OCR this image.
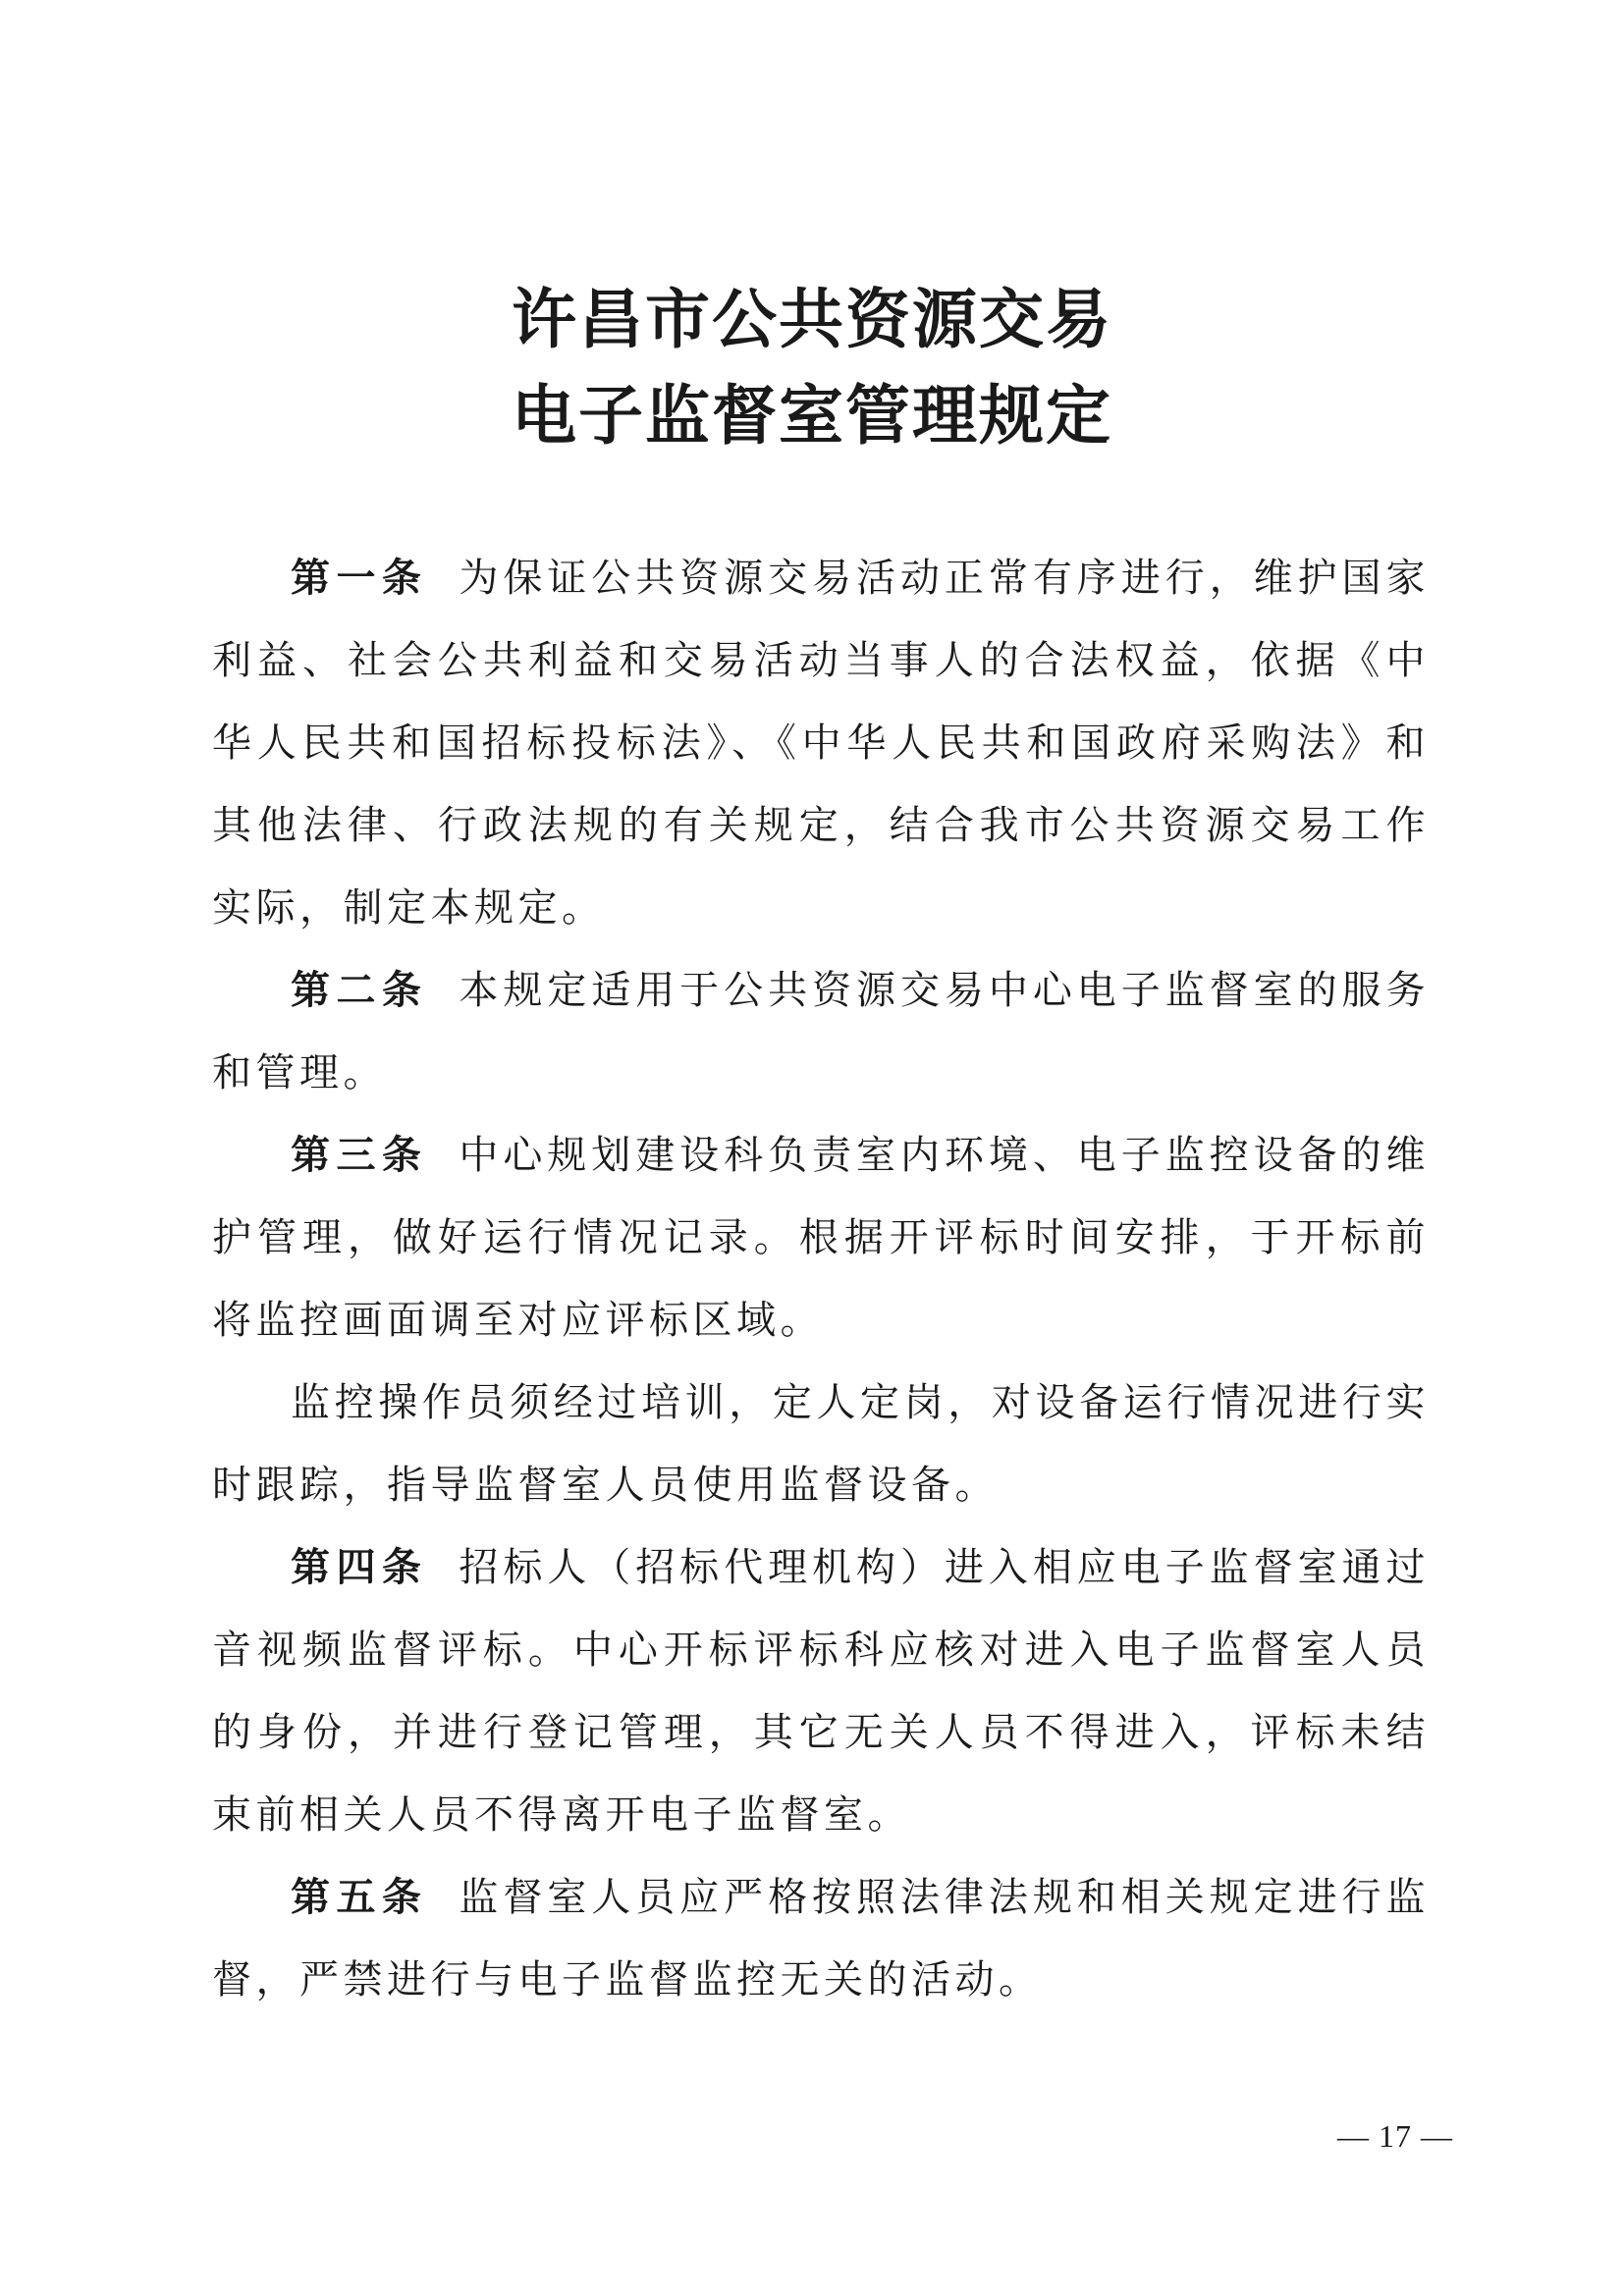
许昌市公共资源交易
电子监督室管理规定

第一条 为保证公共资源交易活动正常有序进行，维护国家利益、社会公共利益和交易活动当事人的合法权益，依据《中华人民共和国招标投标法》、《中华人民共和国政府采购法》和其他法律、行政法规的有关规定，结合我市公共资源交易工作实际，制定本规定。

第二条 本规定适用于公共资源交易中心电子监督室的服务和管理。

第三条 中心规划建设科负责室内环境、电子监控设备的维护管理，做好运行情况记录。根据开评标时间安排，于开标前将监控画面调至对应评标区域。

监控操作员须经过培训，定人定岗，对设备运行情况进行实时跟踪，指导监督室人员使用监督设备。

第四条 招标人（招标代理机构）进入相应电子监督室通过音视频监督评标。中心开标评标科应核对进入电子监督室人员的身份，并进行登记管理，其它无关人员不得进入，评标未结束前相关人员不得离开电子监督室。

第五条 监督室人员应严格按照法律法规和相关规定进行监督，严禁进行与电子监督监控无关的活动。

— 17 —
